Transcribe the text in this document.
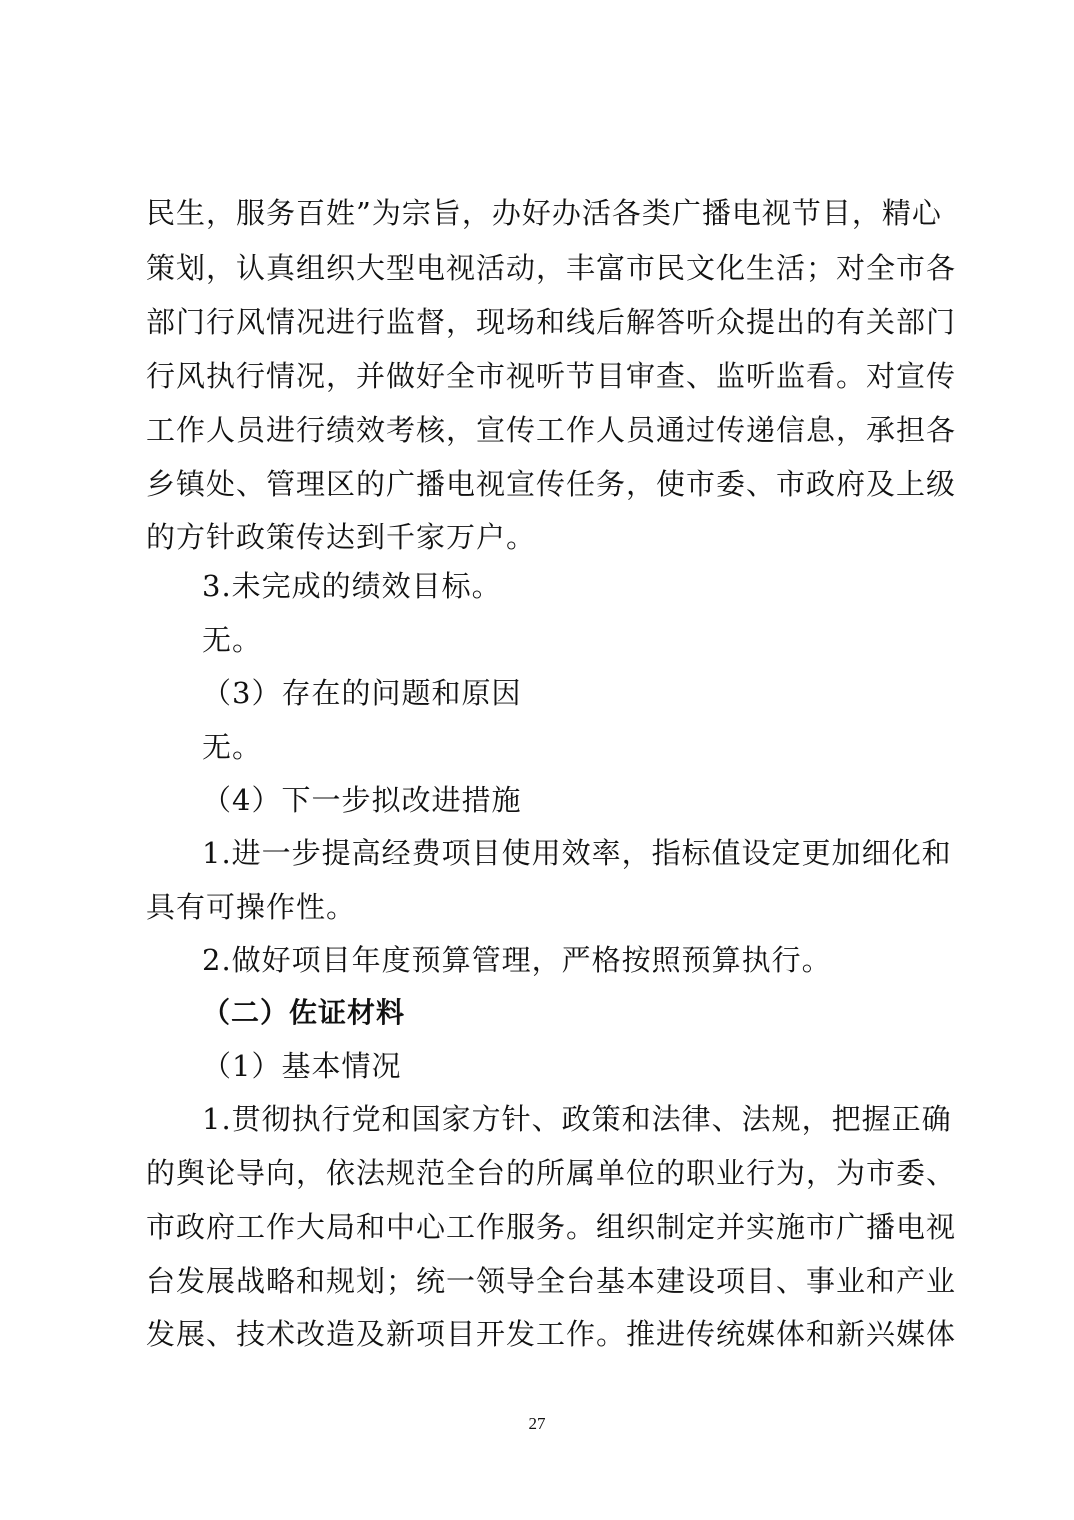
民生，服务百姓”为宗旨，办好办活各类广播电视节目，精心
策划，认真组织大型电视活动，丰富市民文化生活；对全市各
部门行风情况进行监督，现场和线后解答听众提出的有关部门
行风执行情况，并做好全市视听节目审查、监听监看。对宣传
工作人员进行绩效考核，宣传工作人员通过传递信息，承担各
乡镇处、管理区的广播电视宣传任务，使市委、市政府及上级
的方针政策传达到千家万户。
3.未完成的绩效目标。
无。
（3）存在的问题和原因
无。
（4）下一步拟改进措施
1.进一步提高经费项目使用效率，指标值设定更加细化和
具有可操作性。
2.做好项目年度预算管理，严格按照预算执行。
（二）佐证材料
（1）基本情况
1.贯彻执行党和国家方针、政策和法律、法规，把握正确
的舆论导向，依法规范全台的所属单位的职业行为，为市委、
市政府工作大局和中心工作服务。组织制定并实施市广播电视
台发展战略和规划；统一领导全台基本建设项目、事业和产业
发展、技术改造及新项目开发工作。推进传统媒体和新兴媒体
27
